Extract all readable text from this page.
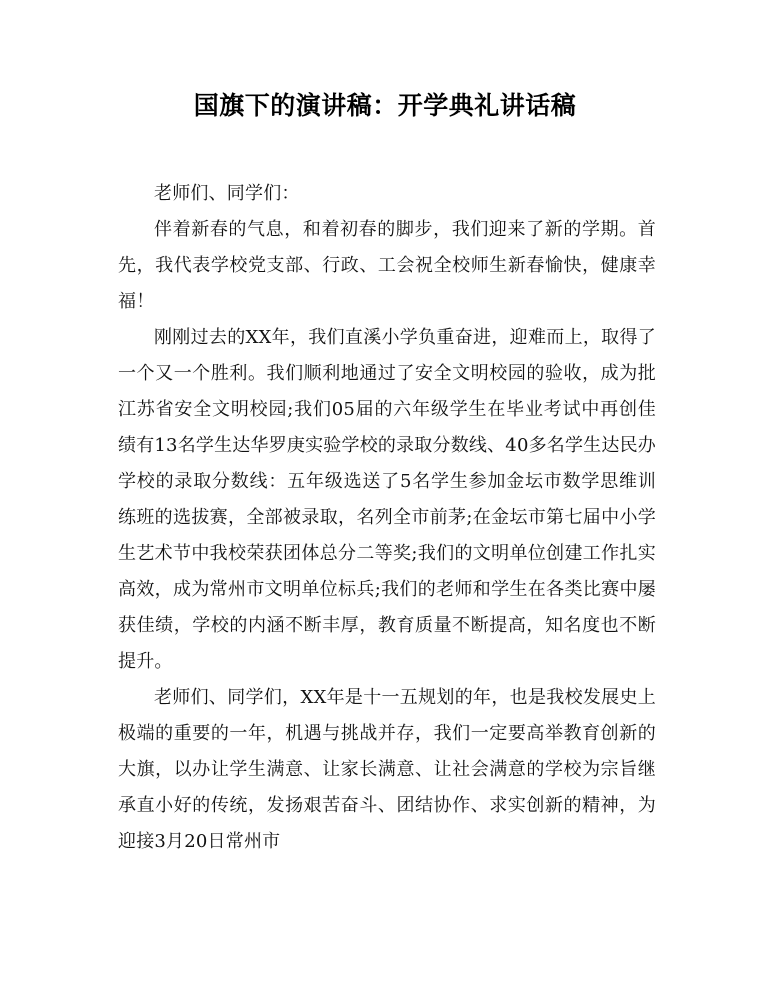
国旗下的演讲稿：开学典礼讲话稿

老师们、同学们：

伴着新春的气息，和着初春的脚步，我们迎来了新的学期。首先，我代表学校党支部、行政、工会祝全校师生新春愉快，健康幸福！

刚刚过去的XX年，我们直溪小学负重奋进，迎难而上，取得了一个又一个胜利。我们顺利地通过了安全文明校园的验收，成为批江苏省安全文明校园;我们05届的六年级学生在毕业考试中再创佳绩有13名学生达华罗庚实验学校的录取分数线、40多名学生达民办学校的录取分数线：五年级选送了5名学生参加金坛市数学思维训练班的选拔赛，全部被录取，名列全市前茅;在金坛市第七届中小学生艺术节中我校荣获团体总分二等奖;我们的文明单位创建工作扎实高效，成为常州市文明单位标兵;我们的老师和学生在各类比赛中屡获佳绩，学校的内涵不断丰厚，教育质量不断提高，知名度也不断提升。

老师们、同学们，XX年是十一五规划的年，也是我校发展史上极端的重要的一年，机遇与挑战并存，我们一定要高举教育创新的大旗，以办让学生满意、让家长满意、让社会满意的学校为宗旨继承直小好的传统，发扬艰苦奋斗、团结协作、求实创新的精神，为迎接3月20日常州市
